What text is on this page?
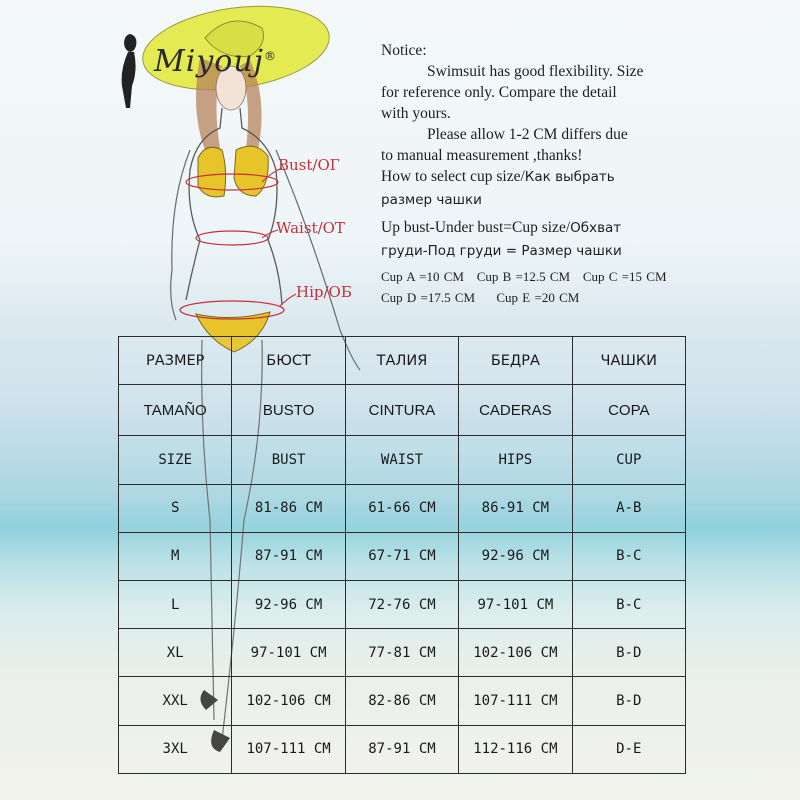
Miyouj®
Bust/ОГ
Waist/ОТ
Hip/ОБ
Notice:
Swimsuit has good flexibility. Size
for reference only. Compare the detail
with yours.
Please allow 1-2 CM differs due
to manual measurement ,thanks!
How to select cup size/Как выбрать
размер чашки
Up bust-Under bust=Cup size/Обхват
груди-Под груди = Размер чашки
Cup A =10 CM Cup B =12.5 CM Cup C =15 CM
Cup D =17.5 CM Cup E =20 CM
РАЗМЕР	БЮСТ	ТАЛИЯ	БЕДРА	ЧАШКИ
TAMAÑO	BUSTO	CINTURA	CADERAS	COPA
SIZE	BUST	WAIST	HIPS	CUP
S	81-86 CM	61-66 CM	86-91 CM	A-B
M	87-91 CM	67-71 CM	92-96 CM	B-C
L	92-96 CM	72-76 CM	97-101 CM	B-C
XL	97-101 CM	77-81 CM	102-106 CM	B-D
XXL	102-106 CM	82-86 CM	107-111 CM	B-D
3XL	107-111 CM	87-91 CM	112-116 CM	D-E
